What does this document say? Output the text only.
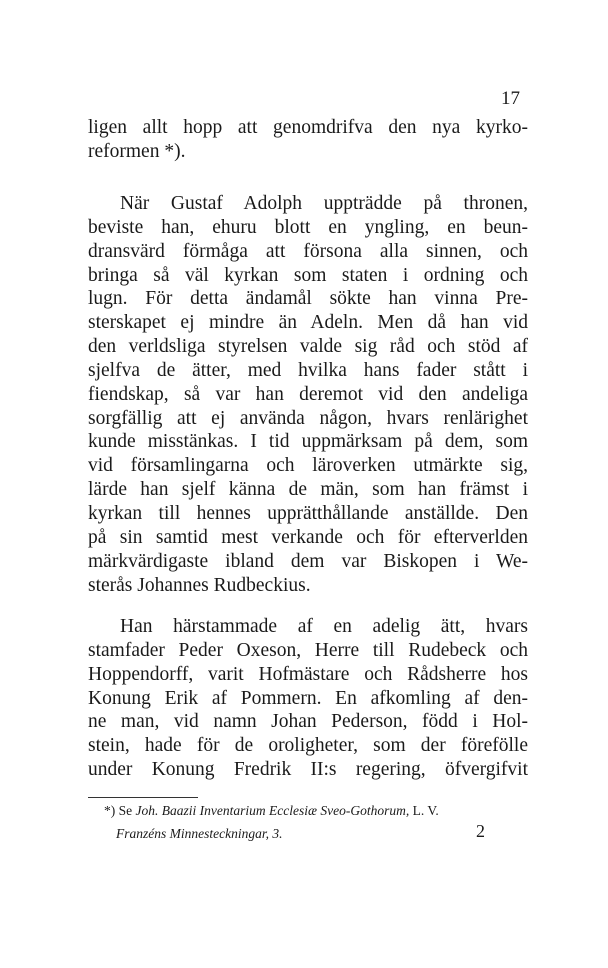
17
ligen allt hopp att genomdrifva den nya kyrko-
reformen *).
När Gustaf Adolph uppträdde på thronen,
beviste han, ehuru blott en yngling, en beun-
dransvärd förmåga att försona alla sinnen, och
bringa så väl kyrkan som staten i ordning och
lugn. För detta ändamål sökte han vinna Pre-
sterskapet ej mindre än Adeln. Men då han vid
den verldsliga styrelsen valde sig råd och stöd af
sjelfva de ätter, med hvilka hans fader stått i
fiendskap, så var han deremot vid den andeliga
sorgfällig att ej använda någon, hvars renlärighet
kunde misstänkas. I tid uppmärksam på dem, som
vid församlingarna och läroverken utmärkte sig,
lärde han sjelf känna de män, som han främst i
kyrkan till hennes upprätthållande anställde. Den
på sin samtid mest verkande och för efterverlden
märkvärdigaste ibland dem var Biskopen i We-
sterås Johannes Rudbeckius.
Han härstammade af en adelig ätt, hvars
stamfader Peder Oxeson, Herre till Rudebeck och
Hoppendorff, varit Hofmästare och Rådsherre hos
Konung Erik af Pommern. En afkomling af den-
ne man, vid namn Johan Pederson, född i Hol-
stein, hade för de oroligheter, som der förefölle
under Konung Fredrik II:s regering, öfvergifvit
*) Se Joh. Baazii Inventarium Ecclesiæ Sveo-Gothorum, L. V.
Franzéns Minnesteckningar, 3.	2
